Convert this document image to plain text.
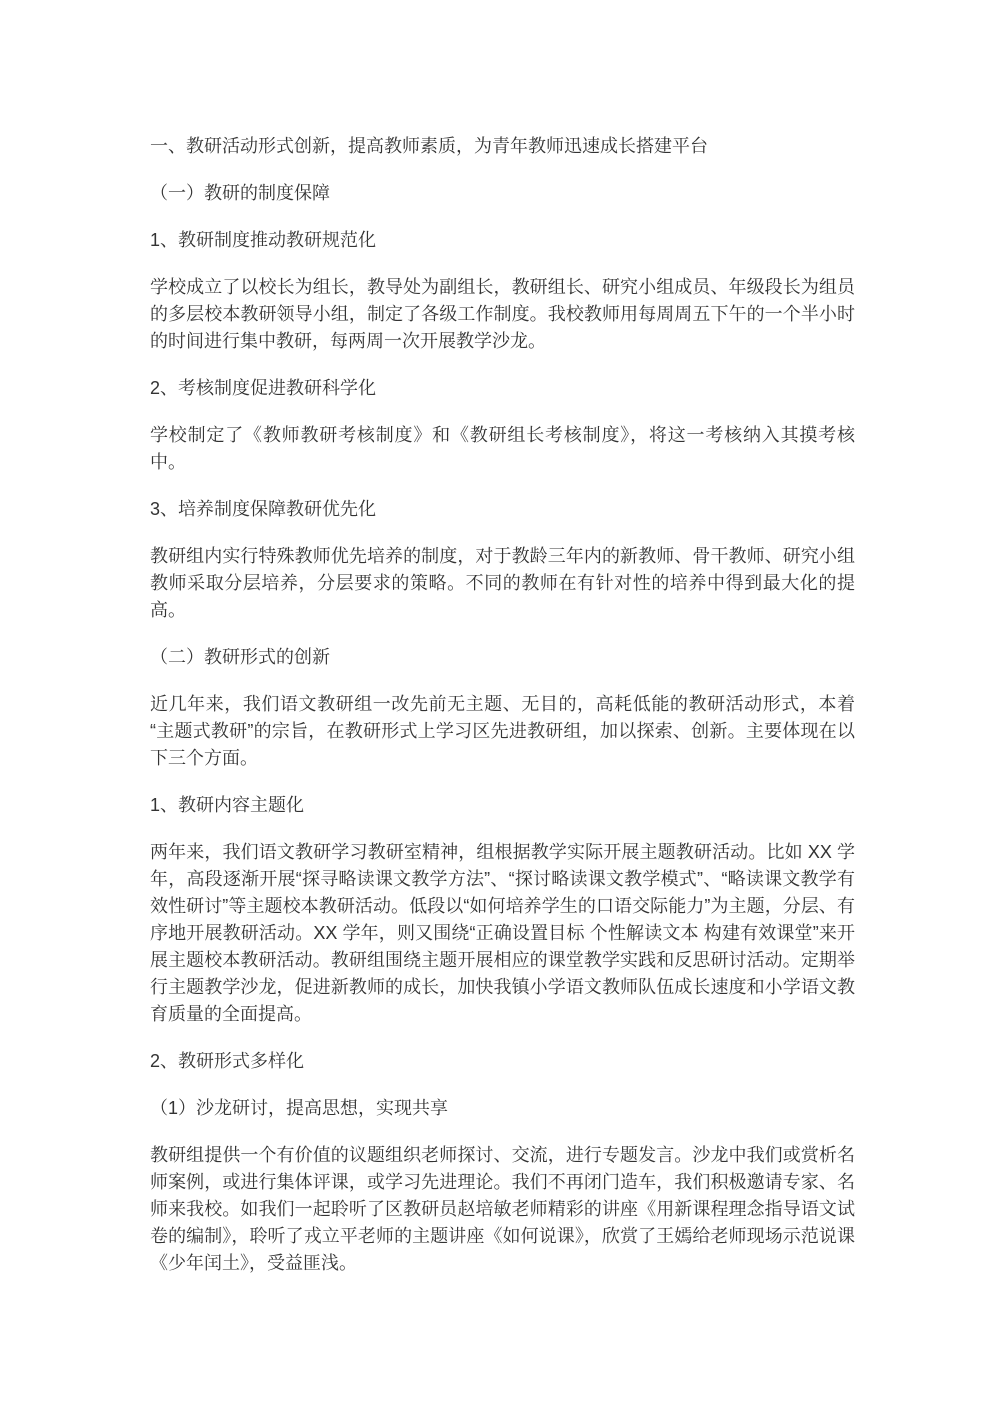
一、教研活动形式创新，提高教师素质，为青年教师迅速成长搭建平台

（一）教研的制度保障

1、教研制度推动教研规范化

学校成立了以校长为组长，教导处为副组长，教研组长、研究小组成员、年级段长为组员的多层校本教研领导小组，制定了各级工作制度。我校教师用每周周五下午的一个半小时的时间进行集中教研，每两周一次开展教学沙龙。

2、考核制度促进教研科学化

学校制定了《教师教研考核制度》和《教研组长考核制度》，将这一考核纳入其摸考核中。

3、培养制度保障教研优先化

教研组内实行特殊教师优先培养的制度，对于教龄三年内的新教师、骨干教师、研究小组教师采取分层培养，分层要求的策略。不同的教师在有针对性的培养中得到最大化的提高。

（二）教研形式的创新

近几年来，我们语文教研组一改先前无主题、无目的，高耗低能的教研活动形式，本着“主题式教研”的宗旨，在教研形式上学习区先进教研组，加以探索、创新。主要体现在以下三个方面。

1、教研内容主题化

两年来，我们语文教研学习教研室精神，组根据教学实际开展主题教研活动。比如 XX 学年，高段逐渐开展“探寻略读课文教学方法”、“探讨略读课文教学模式”、“略读课文教学有效性研讨”等主题校本教研活动。低段以“如何培养学生的口语交际能力”为主题，分层、有序地开展教研活动。XX 学年，则又围绕“正确设置目标 个性解读文本 构建有效课堂”来开展主题校本教研活动。教研组围绕主题开展相应的课堂教学实践和反思研讨活动。定期举行主题教学沙龙，促进新教师的成长，加快我镇小学语文教师队伍成长速度和小学语文教育质量的全面提高。

2、教研形式多样化

（1）沙龙研讨，提高思想，实现共享

教研组提供一个有价值的议题组织老师探讨、交流，进行专题发言。沙龙中我们或赏析名师案例，或进行集体评课，或学习先进理论。我们不再闭门造车，我们积极邀请专家、名师来我校。如我们一起聆听了区教研员赵培敏老师精彩的讲座《用新课程理念指导语文试卷的编制》，聆听了戎立平老师的主题讲座《如何说课》，欣赏了王嫣给老师现场示范说课《少年闰土》，受益匪浅。
